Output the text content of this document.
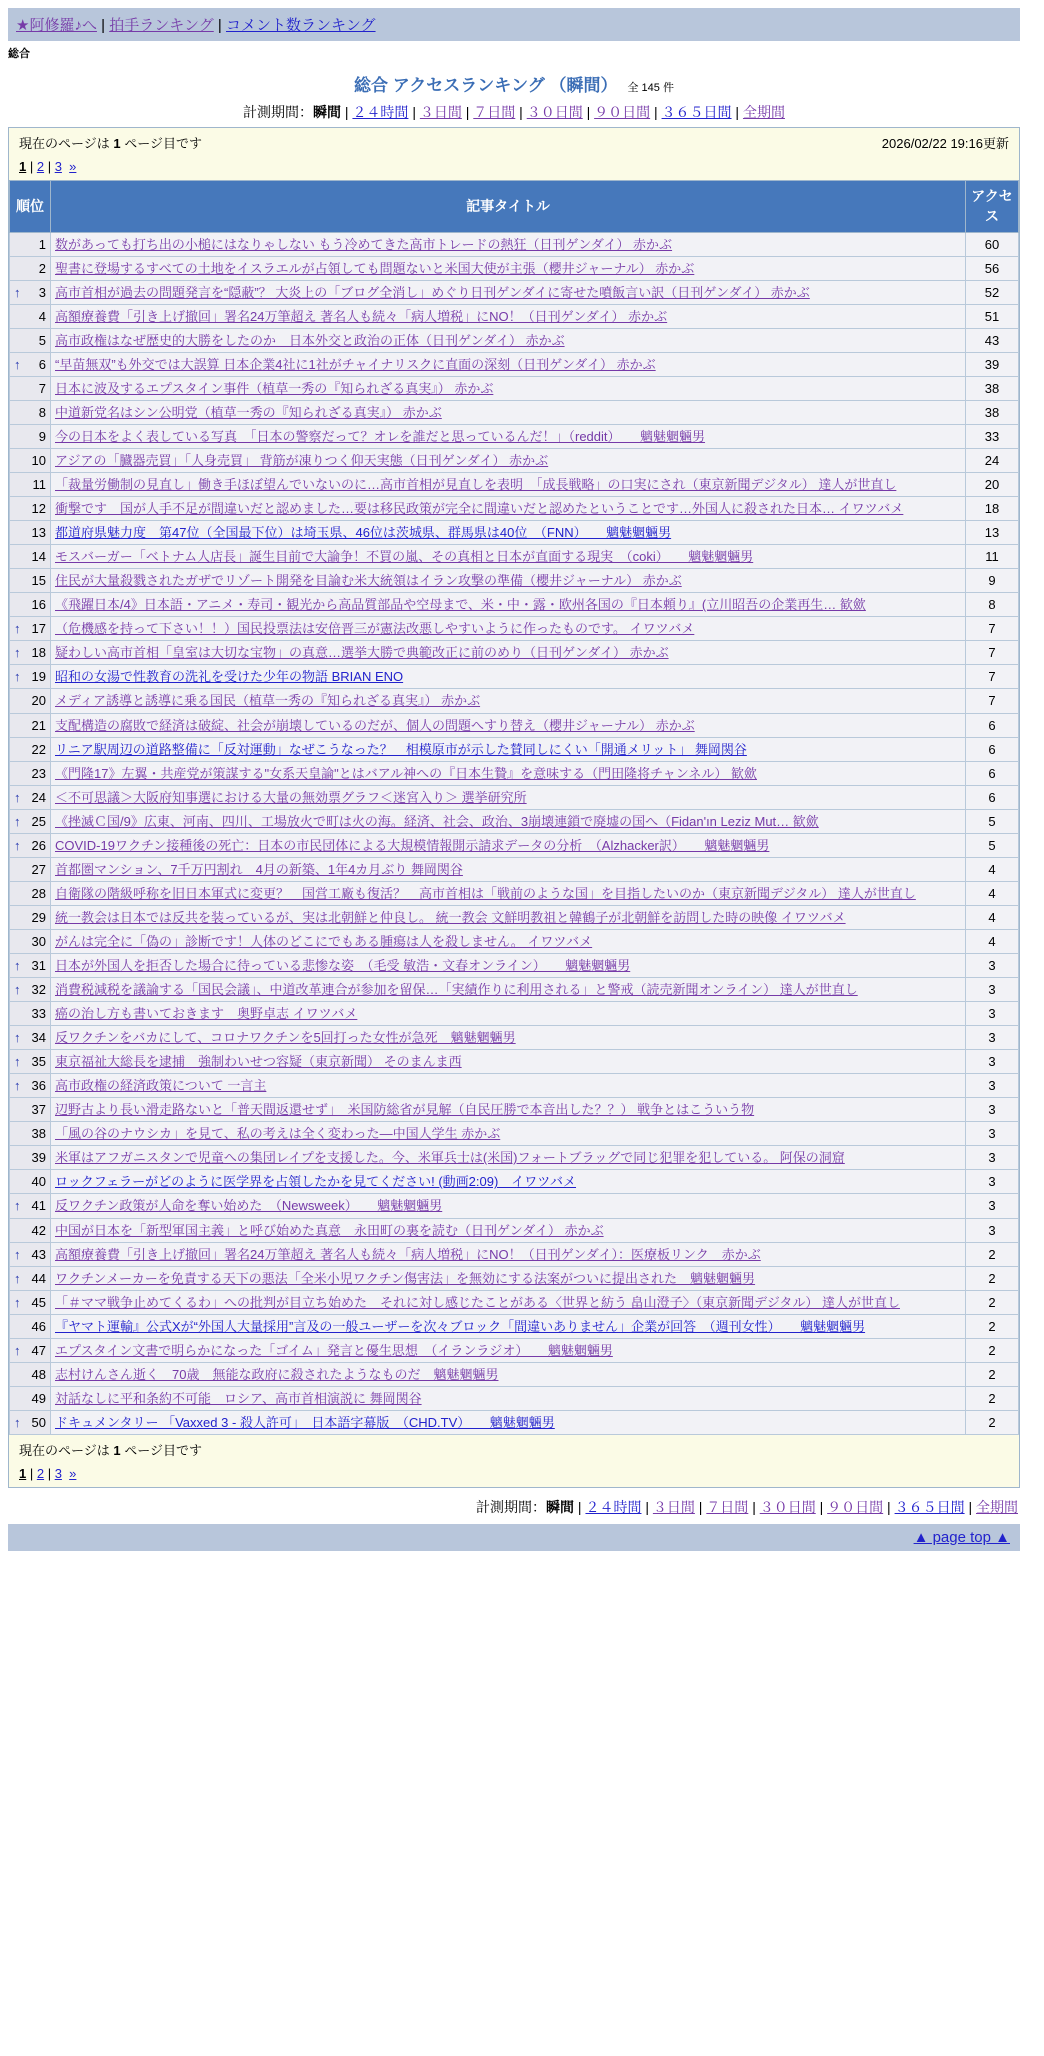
★阿修羅♪へ | 拍手ランキング | コメント数ランキング
総合
総合 アクセスランキング （瞬間） 全 145 件
計測期間：瞬間 | ２４時間 | ３日間 | ７日間 | ３０日間 | ９０日間 | ３６５日間 | 全期間
現在のページは 1 ページ目です	2026/02/22 19:16更新
1 | 2 | 3 »
順位	記事タイトル	アクセス

1	数があっても打ち出の小槌にはなりゃしない もう冷めてきた高市トレードの熱狂（日刊ゲンダイ） 赤かぶ	60

2	聖書に登場するすべての土地をイスラエルが占領しても問題ないと米国大使が主張（櫻井ジャーナル） 赤かぶ	56

↑ 3	高市首相が過去の問題発言を“隠蔽”？ 大炎上の「ブログ全消し」めぐり日刊ゲンダイに寄せた噴飯言い訳（日刊ゲンダイ） 赤かぶ	52

4	高額療養費「引き上げ撤回」署名24万筆超え 著名人も続々「病人増税」にNO！（日刊ゲンダイ） 赤かぶ	51

5	高市政権はなぜ歴史的大勝をしたのか　日本外交と政治の正体（日刊ゲンダイ） 赤かぶ	43

↑ 6	“早苗無双”も外交では大誤算 日本企業4社に1社がチャイナリスクに直面の深刻（日刊ゲンダイ） 赤かぶ	39

7	日本に波及するエプスタイン事件（植草一秀の『知られざる真実』） 赤かぶ	38

8	中道新党名はシン公明党（植草一秀の『知られざる真実』） 赤かぶ	38

9	今の日本をよく表している写真　「日本の警察だって？オレを誰だと思っているんだ！」（reddit）　　魑魅魍魎男	33

10	アジアの「臓器売買」「人身売買」 背筋が凍りつく仰天実態（日刊ゲンダイ） 赤かぶ	24

11	「裁量労働制の見直し」働き手ほぼ望んでいないのに…高市首相が見直しを表明　「成長戦略」の口実にされ（東京新聞デジタル） 達人が世直し	20

12	衝撃です　国が人手不足が間違いだと認めました…要は移民政策が完全に間違いだと認めたということです…外国人に殺された日本… イワツバメ	18

13	都道府県魅力度　第47位（全国最下位）は埼玉県、46位は茨城県、群馬県は40位　（FNN）　　魑魅魍魎男	13

14	モスバーガー「ベトナム人店長」誕生目前で大論争！不買の嵐、その真相と日本が直面する現実　（coki）　　魑魅魍魎男	11

15	住民が大量殺戮されたガザでリゾート開発を目論む米大統領はイラン攻撃の準備（櫻井ジャーナル） 赤かぶ	9

16	《飛躍日本/4》日本語・アニメ・寿司・観光から高品質部品や空母まで、米・中・露・欧州各国の『日本頼り』(立川昭吾の企業再生… 歓歛	8

↑ 17	（危機感を持って下さい！！）国民投票法は安倍晋三が憲法改悪しやすいように作ったものです。 イワツバメ	7

↑ 18	疑わしい高市首相「皇室は大切な宝物」の真意…選挙大勝で典範改正に前のめり（日刊ゲンダイ） 赤かぶ	7

↑ 19	昭和の女湯で性教育の洗礼を受けた少年の物語 BRIAN ENO	7

20	メディア誘導と誘導に乗る国民（植草一秀の『知られざる真実』） 赤かぶ	7

21	支配構造の腐敗で経済は破綻、社会が崩壊しているのだが、個人の問題へすり替え（櫻井ジャーナル） 赤かぶ	6

22	リニア駅周辺の道路整備に「反対運動」なぜこうなった？　相模原市が示した賛同しにくい「開通メリット」 舞岡関谷	6

23	《門隆17》左翼・共産党が策謀する"女系天皇論"とはバアル神への『日本生贄』を意味する（門田隆将チャンネル） 歓歛	6

↑ 24	＜不可思議＞大阪府知事選における大量の無効票グラフ＜迷宮入り＞ 選挙研究所	6

↑ 25	《挫滅Ｃ国/9》広東、河南、四川、工場放火で町は火の海。経済、社会、政治、3崩壊連鎖で廃墟の国へ（Fidan'ın Leziz Mut… 歓歛	5

↑ 26	COVID-19ワクチン接種後の死亡：日本の市民団体による大規模情報開示請求データの分析　（Alzhacker訳）　　魑魅魍魎男	5

27	首都圏マンション、7千万円割れ　4月の新築、1年4カ月ぶり 舞岡関谷	4

28	自衛隊の階級呼称を旧日本軍式に変更？　国営工廠も復活？　高市首相は「戦前のような国」を目指したいのか（東京新聞デジタル） 達人が世直し	4

29	統一教会は日本では反共を装っているが、実は北朝鮮と仲良し。 統一教会 文鮮明教祖と韓鶴子が北朝鮮を訪問した時の映像 イワツバメ	4

30	がんは完全に「偽の」診断です！人体のどこにでもある腫瘍は人を殺しません。 イワツバメ	4

↑ 31	日本が外国人を拒否した場合に待っている悲惨な姿　（毛受 敏浩・文春オンライン）　　魑魅魍魎男	3

↑ 32	消費税減税を議論する「国民会議」、中道改革連合が参加を留保…「実績作りに利用される」と警戒（読売新聞オンライン） 達人が世直し	3

33	癌の治し方も書いておきます　奥野卓志 イワツバメ	3

↑ 34	反ワクチンをバカにして、コロナワクチンを5回打った女性が急死　魑魅魍魎男	3

↑ 35	東京福祉大総長を逮捕　強制わいせつ容疑（東京新聞） そのまんま西	3

↑ 36	高市政権の経済政策について 一言主	3

37	辺野古より長い滑走路ないと「普天間返還せず」　米国防総省が見解（自民圧勝で本音出した？？） 戦争とはこういう物	3

38	「風の谷のナウシカ」を見て、私の考えは全く変わった―中国人学生 赤かぶ	3

39	米軍はアフガニスタンで児童への集団レイプを支援した。今、米軍兵士は(米国)フォートブラッグで同じ犯罪を犯している。 阿保の洞窟	3

40	ロックフェラーがどのように医学界を占領したかを見てください! (動画2:09)　イワツバメ	3

↑ 41	反ワクチン政策が人命を奪い始めた　（Newsweek）　　魑魅魍魎男	3

42	中国が日本を「新型軍国主義」と呼び始めた真意　永田町の裏を読む（日刊ゲンダイ） 赤かぶ	3

↑ 43	高額療養費「引き上げ撤回」署名24万筆超え 著名人も続々「病人増税」にNO！（日刊ゲンダイ）：医療板リンク　赤かぶ	2

↑ 44	ワクチンメーカーを免責する天下の悪法「全米小児ワクチン傷害法」を無効にする法案がついに提出された　魑魅魍魎男	2

↑ 45	「＃ママ戦争止めてくるわ」への批判が目立ち始めた　それに対し感じたことがある〈世界と紡う 畠山澄子〉（東京新聞デジタル） 達人が世直し	2

46	『ヤマト運輸』公式Xが“外国人大量採用”言及の一般ユーザーを次々ブロック「間違いありません」企業が回答　（週刊女性）　　魑魅魍魎男	2

↑ 47	エプスタイン文書で明らかになった「ゴイム」発言と優生思想　（イランラジオ）　　魑魅魍魎男	2

48	志村けんさん逝く　70歳　無能な政府に殺されたようなものだ　魑魅魍魎男	2

49	対話なしに平和条約不可能　ロシア、高市首相演説に 舞岡関谷	2

↑ 50	ドキュメンタリー 「Vaxxed 3 - 殺人許可」　日本語字幕版　（CHD.TV）　　魑魅魍魎男	2
現在のページは 1 ページ目です
1 | 2 | 3 »
計測期間：瞬間 | ２４時間 | ３日間 | ７日間 | ３０日間 | ９０日間 | ３６５日間 | 全期間
▲ page top ▲
